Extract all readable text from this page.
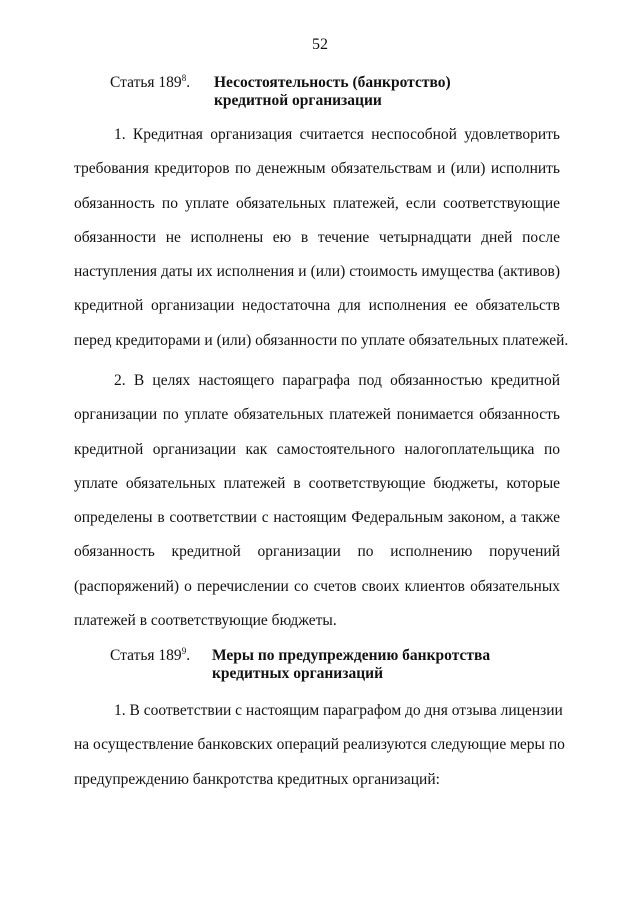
52
Статья $189^8$. Несостоятельность (банкротство)
кредитной организации
1. Кредитная организация считается неспособной удовлетворить
требования кредиторов по денежным обязательствам и (или) исполнить
обязанность по уплате обязательных платежей, если соответствующие
обязанности не исполнены ею в течение четырнадцати дней после
наступления даты их исполнения и (или) стоимость имущества (активов)
кредитной организации недостаточна для исполнения ее обязательств
перед кредиторами и (или) обязанности по уплате обязательных платежей.
2. В целях настоящего параграфа под обязанностью кредитной
организации по уплате обязательных платежей понимается обязанность
кредитной организации как самостоятельного налогоплательщика по
уплате обязательных платежей в соответствующие бюджеты, которые
определены в соответствии с настоящим Федеральным законом, а также
обязанность кредитной организации по исполнению поручений
(распоряжений) о перечислении со счетов своих клиентов обязательных
платежей в соответствующие бюджеты.
Статья $189^9$. Меры по предупреждению банкротства
кредитных организаций
1. В соответствии с настоящим параграфом до дня отзыва лицензии
на осуществление банковских операций реализуются следующие меры по
предупреждению банкротства кредитных организаций:
